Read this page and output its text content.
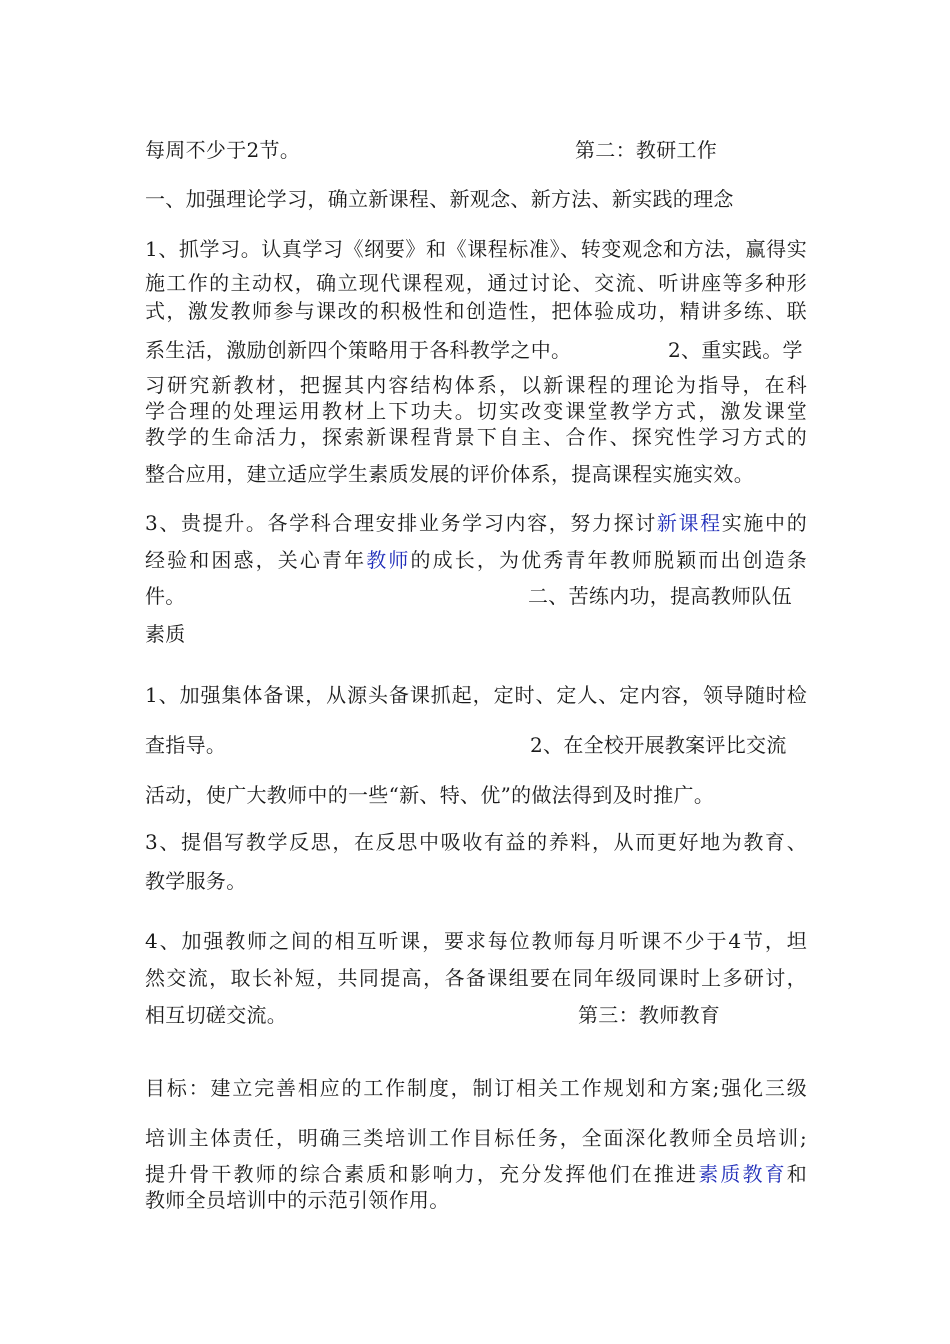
每周不少于2节。	第二：教研工作
一、加强理论学习，确立新课程、新观念、新方法、新实践的理念
1、抓学习。认真学习《纲要》和《课程标准》、转变观念和方法，赢得实
施工作的主动权，确立现代课程观，通过讨论、交流、听讲座等多种形
式，激发教师参与课改的积极性和创造性，把体验成功，精讲多练、联
系生活，激励创新四个策略用于各科教学之中。	2、重实践。学
习研究新教材，把握其内容结构体系，以新课程的理论为指导，在科
学合理的处理运用教材上下功夫。切实改变课堂教学方式，激发课堂
教学的生命活力，探索新课程背景下自主、合作、探究性学习方式的
整合应用，建立适应学生素质发展的评价体系，提高课程实施实效。
3、贵提升。各学科合理安排业务学习内容，努力探讨新课程实施中的
经验和困惑，关心青年教师的成长，为优秀青年教师脱颖而出创造条
件。	二、苦练内功，提高教师队伍
素质
1、加强集体备课，从源头备课抓起，定时、定人、定内容，领导随时检
查指导。	2、在全校开展教案评比交流
活动，使广大教师中的一些“新、特、优”的做法得到及时推广。
3、提倡写教学反思，在反思中吸收有益的养料，从而更好地为教育、
教学服务。
4、加强教师之间的相互听课，要求每位教师每月听课不少于4节，坦
然交流，取长补短，共同提高，各备课组要在同年级同课时上多研讨，
相互切磋交流。	第三：教师教育
目标：建立完善相应的工作制度，制订相关工作规划和方案;强化三级
培训主体责任，明确三类培训工作目标任务，全面深化教师全员培训;
提升骨干教师的综合素质和影响力，充分发挥他们在推进素质教育和
教师全员培训中的示范引领作用。
